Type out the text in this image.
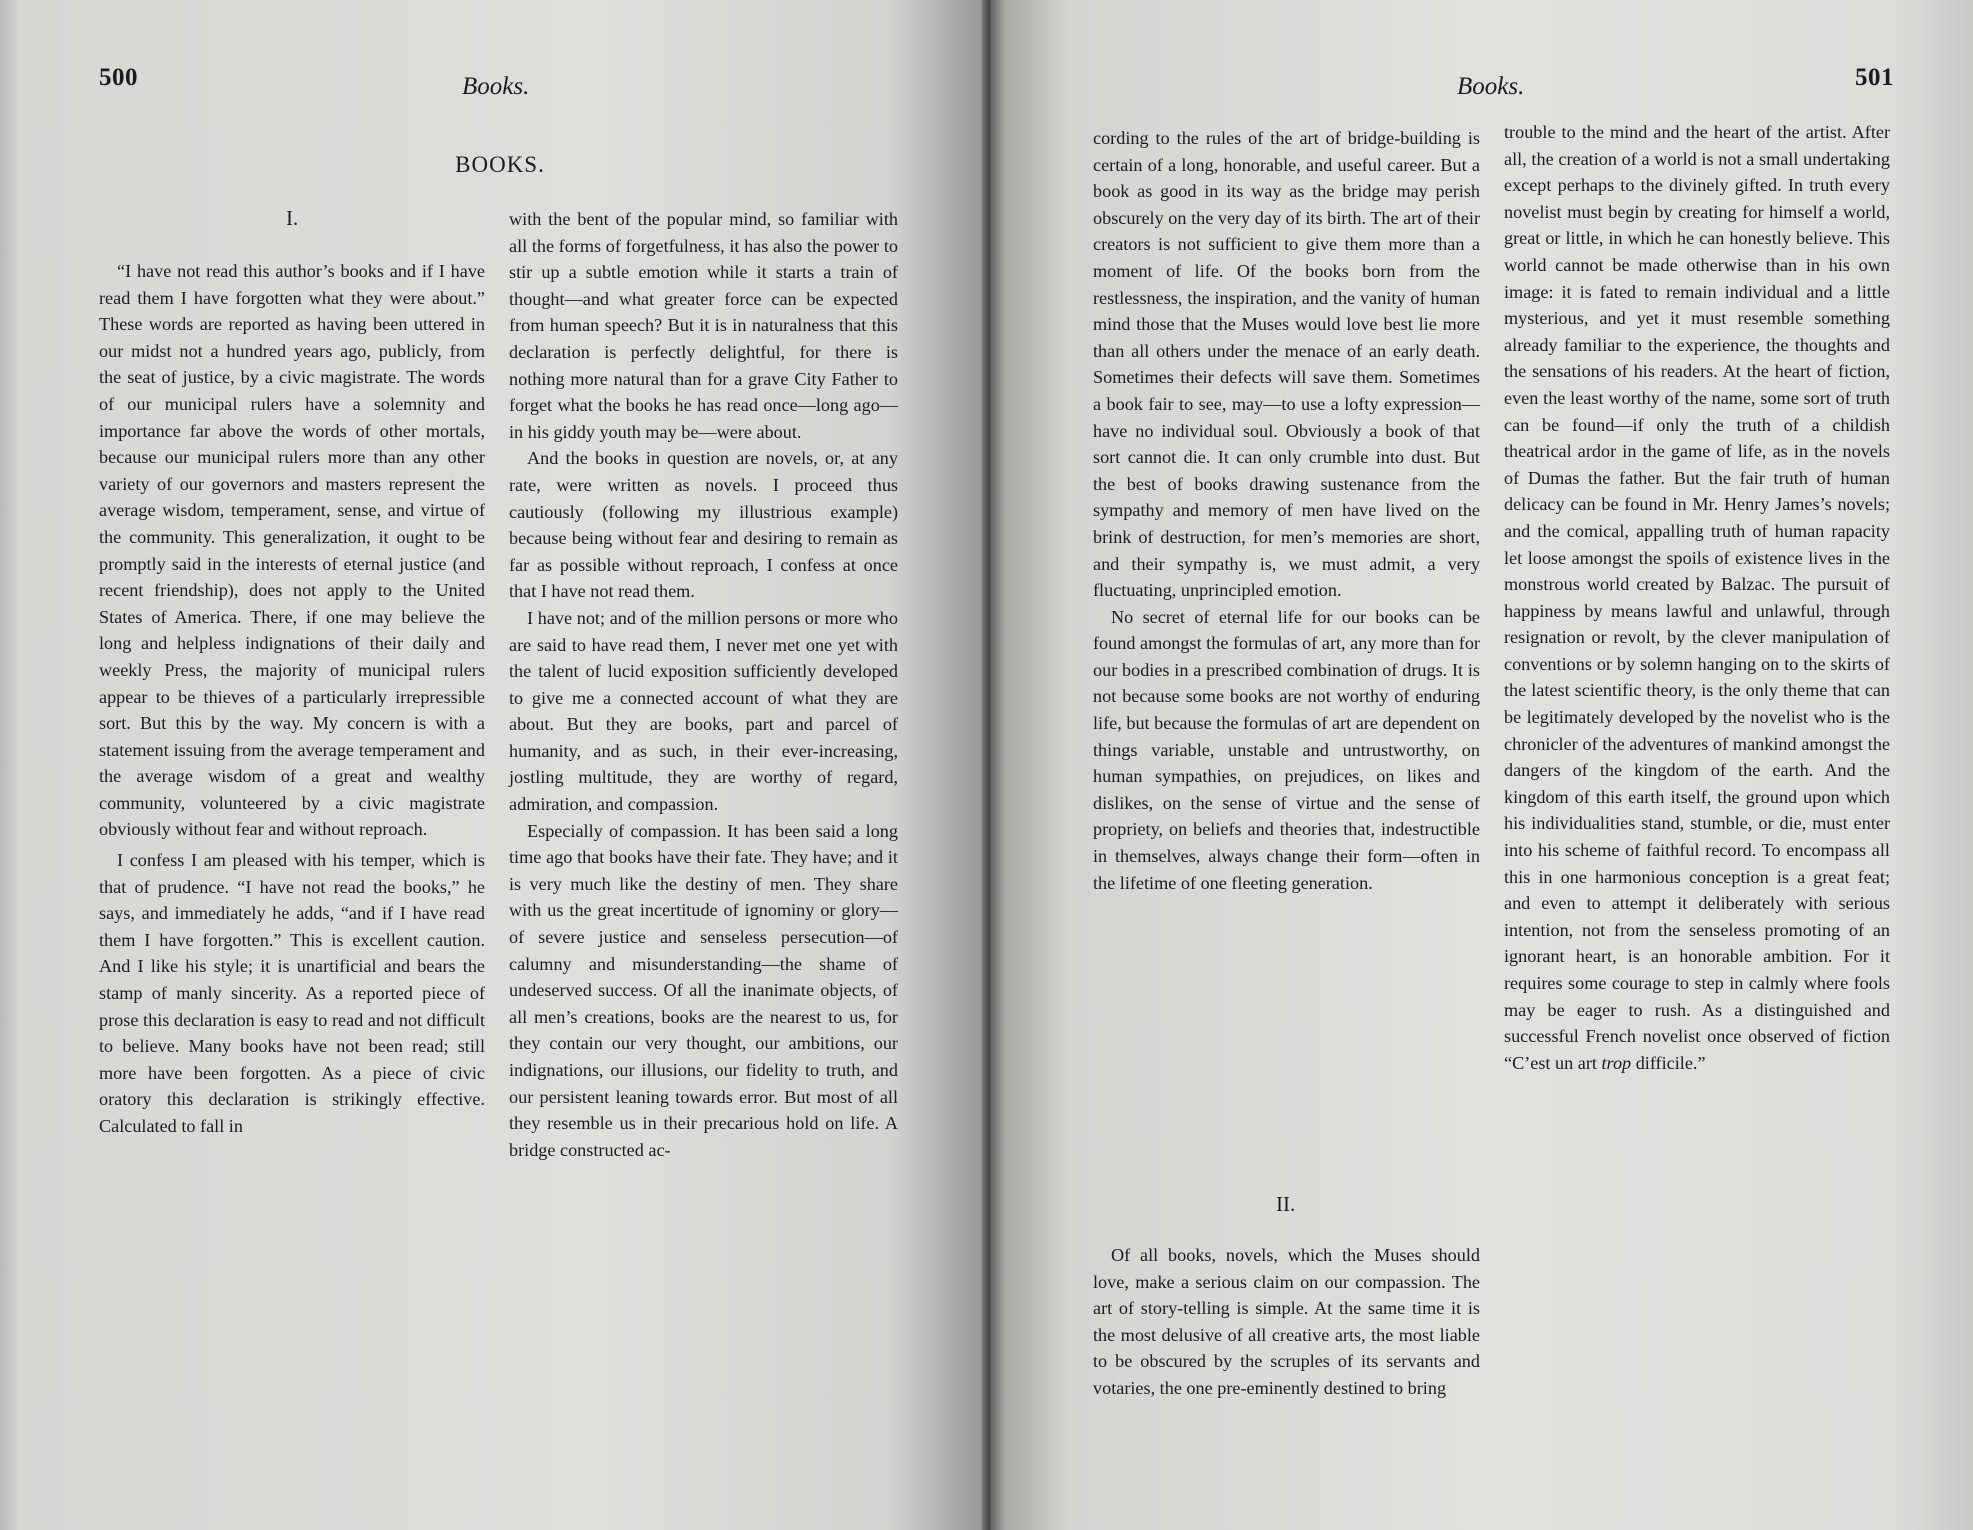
500	Books.
BOOKS.
I.

“I have not read this author’s books and if I have read them I have forgotten what they were about.” These words are reported as having been uttered in our midst not a hundred years ago, publicly, from the seat of justice, by a civic magistrate. The words of our municipal rulers have a solemnity and importance far above the words of other mortals, because our municipal rulers more than any other variety of our governors and masters represent the average wisdom, temperament, sense, and virtue of the community. This generalization, it ought to be promptly said in the interests of eternal justice (and recent friendship), does not apply to the United States of America. There, if one may believe the long and helpless indignations of their daily and weekly Press, the majority of municipal rulers appear to be thieves of a particularly irrepressible sort. But this by the way. My concern is with a statement issuing from the average temperament and the average wisdom of a great and wealthy community, volunteered by a civic magistrate obviously without fear and without reproach.

I confess I am pleased with his temper, which is that of prudence. “I have not read the books,” he says, and immediately he adds, “and if I have read them I have forgotten.” This is excellent caution. And I like his style; it is unartificial and bears the stamp of manly sincerity. As a reported piece of prose this declaration is easy to read and not difficult to believe. Many books have not been read; still more have been forgotten. As a piece of civic oratory this declaration is strikingly effective. Calculated to fall in

with the bent of the popular mind, so familiar with all the forms of forgetfulness, it has also the power to stir up a subtle emotion while it starts a train of thought—and what greater force can be expected from human speech? But it is in naturalness that this declaration is perfectly delightful, for there is nothing more natural than for a grave City Father to forget what the books he has read once—long ago—in his giddy youth may be—were about.

And the books in question are novels, or, at any rate, were written as novels. I proceed thus cautiously (following my illustrious example) because being without fear and desiring to remain as far as possible without reproach, I confess at once that I have not read them.

I have not; and of the million persons or more who are said to have read them, I never met one yet with the talent of lucid exposition sufficiently developed to give me a connected account of what they are about. But they are books, part and parcel of humanity, and as such, in their ever-increasing, jostling multitude, they are worthy of regard, admiration, and compassion.

Especially of compassion. It has been said a long time ago that books have their fate. They have; and it is very much like the destiny of men. They share with us the great incertitude of ignominy or glory—of severe justice and senseless persecution—of calumny and misunderstanding—the shame of undeserved success. Of all the inanimate objects, of all men’s creations, books are the nearest to us, for they contain our very thought, our ambitions, our indignations, our illusions, our fidelity to truth, and our persistent leaning towards error. But most of all they resemble us in their precarious hold on life. A bridge constructed ac-

Books.	501

cording to the rules of the art of bridge-building is certain of a long, honorable, and useful career. But a book as good in its way as the bridge may perish obscurely on the very day of its birth. The art of their creators is not sufficient to give them more than a moment of life. Of the books born from the restlessness, the inspiration, and the vanity of human mind those that the Muses would love best lie more than all others under the menace of an early death. Sometimes their defects will save them. Sometimes a book fair to see, may—to use a lofty expression—have no individual soul. Obviously a book of that sort cannot die. It can only crumble into dust. But the best of books drawing sustenance from the sympathy and memory of men have lived on the brink of destruction, for men’s memories are short, and their sympathy is, we must admit, a very fluctuating, unprincipled emotion.

No secret of eternal life for our books can be found amongst the formulas of art, any more than for our bodies in a prescribed combination of drugs. It is not because some books are not worthy of enduring life, but because the formulas of art are dependent on things variable, unstable and untrustworthy, on human sympathies, on prejudices, on likes and dislikes, on the sense of virtue and the sense of propriety, on beliefs and theories that, indestructible in themselves, always change their form—often in the lifetime of one fleeting generation.

II.

Of all books, novels, which the Muses should love, make a serious claim on our compassion. The art of story-telling is simple. At the same time it is the most delusive of all creative arts, the most liable to be obscured by the scruples of its servants and votaries, the one pre-eminently destined to bring

trouble to the mind and the heart of the artist. After all, the creation of a world is not a small undertaking except perhaps to the divinely gifted. In truth every novelist must begin by creating for himself a world, great or little, in which he can honestly believe. This world cannot be made otherwise than in his own image: it is fated to remain individual and a little mysterious, and yet it must resemble something already familiar to the experience, the thoughts and the sensations of his readers. At the heart of fiction, even the least worthy of the name, some sort of truth can be found—if only the truth of a childish theatrical ardor in the game of life, as in the novels of Dumas the father. But the fair truth of human delicacy can be found in Mr. Henry James’s novels; and the comical, appalling truth of human rapacity let loose amongst the spoils of existence lives in the monstrous world created by Balzac. The pursuit of happiness by means lawful and unlawful, through resignation or revolt, by the clever manipulation of conventions or by solemn hanging on to the skirts of the latest scientific theory, is the only theme that can be legitimately developed by the novelist who is the chronicler of the adventures of mankind amongst the dangers of the kingdom of the earth. And the kingdom of this earth itself, the ground upon which his individualities stand, stumble, or die, must enter into his scheme of faithful record. To encompass all this in one harmonious conception is a great feat; and even to attempt it deliberately with serious intention, not from the senseless promoting of an ignorant heart, is an honorable ambition. For it requires some courage to step in calmly where fools may be eager to rush. As a distinguished and successful French novelist once observed of fiction “C’est un art trop difficile.”
